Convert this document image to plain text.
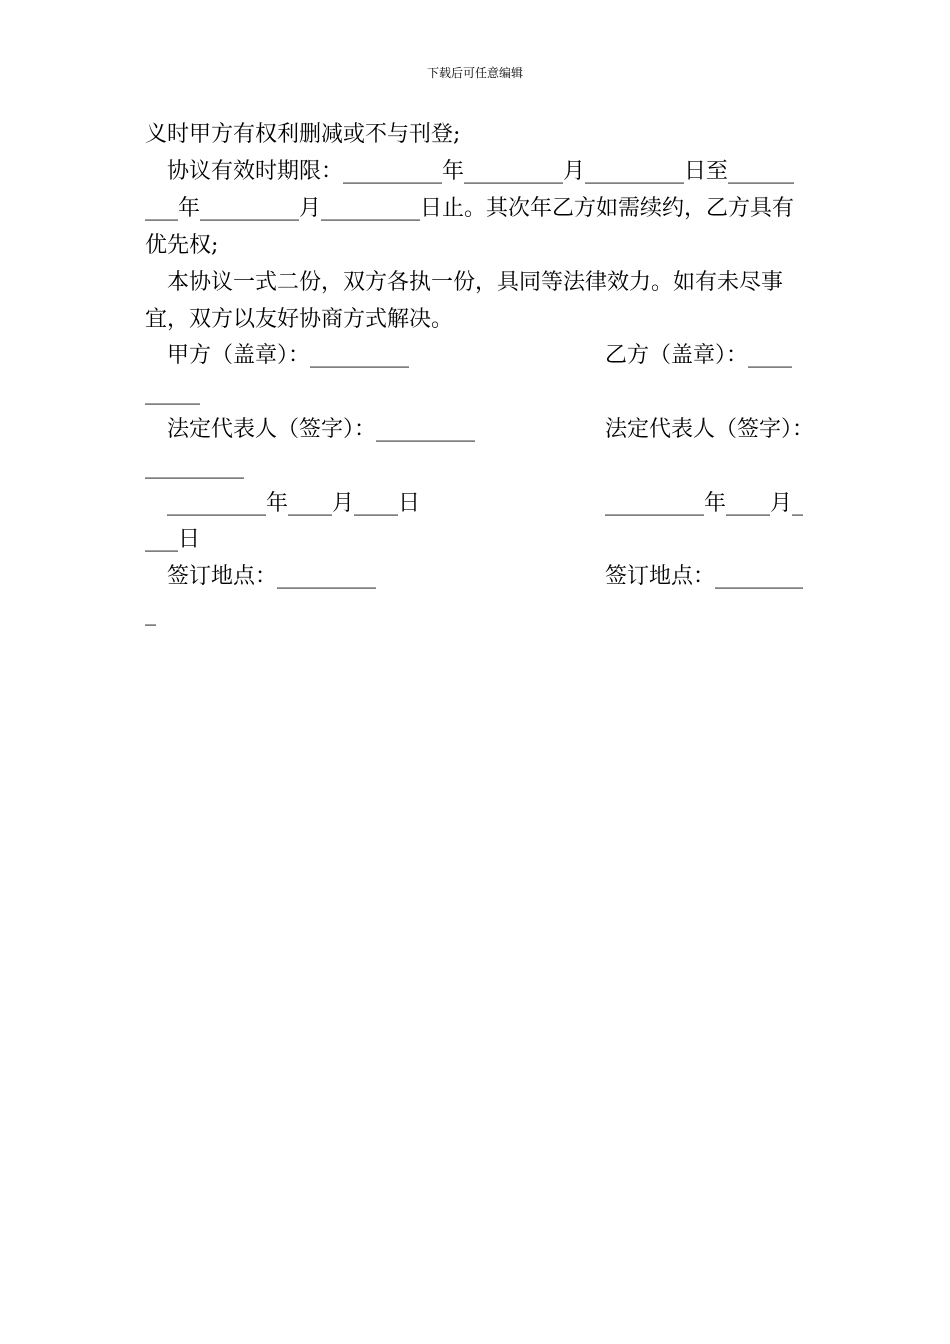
下载后可任意编辑
义时甲方有权利删减或不与刊登;
协议有效时期限：_________年_________月_________日至______
___年_________月_________日止。其次年乙方如需续约，乙方具有
优先权;
本协议一式二份，双方各执一份，具同等法律效力。如有未尽事
宜，双方以友好协商方式解决。
甲方（盖章）：_________	乙方（盖章）：____
_____
法定代表人（签字）：_________	法定代表人（签字）：
_________
_________年____月____日	_________年____月_
___日
签订地点：_________	签订地点：________
_
